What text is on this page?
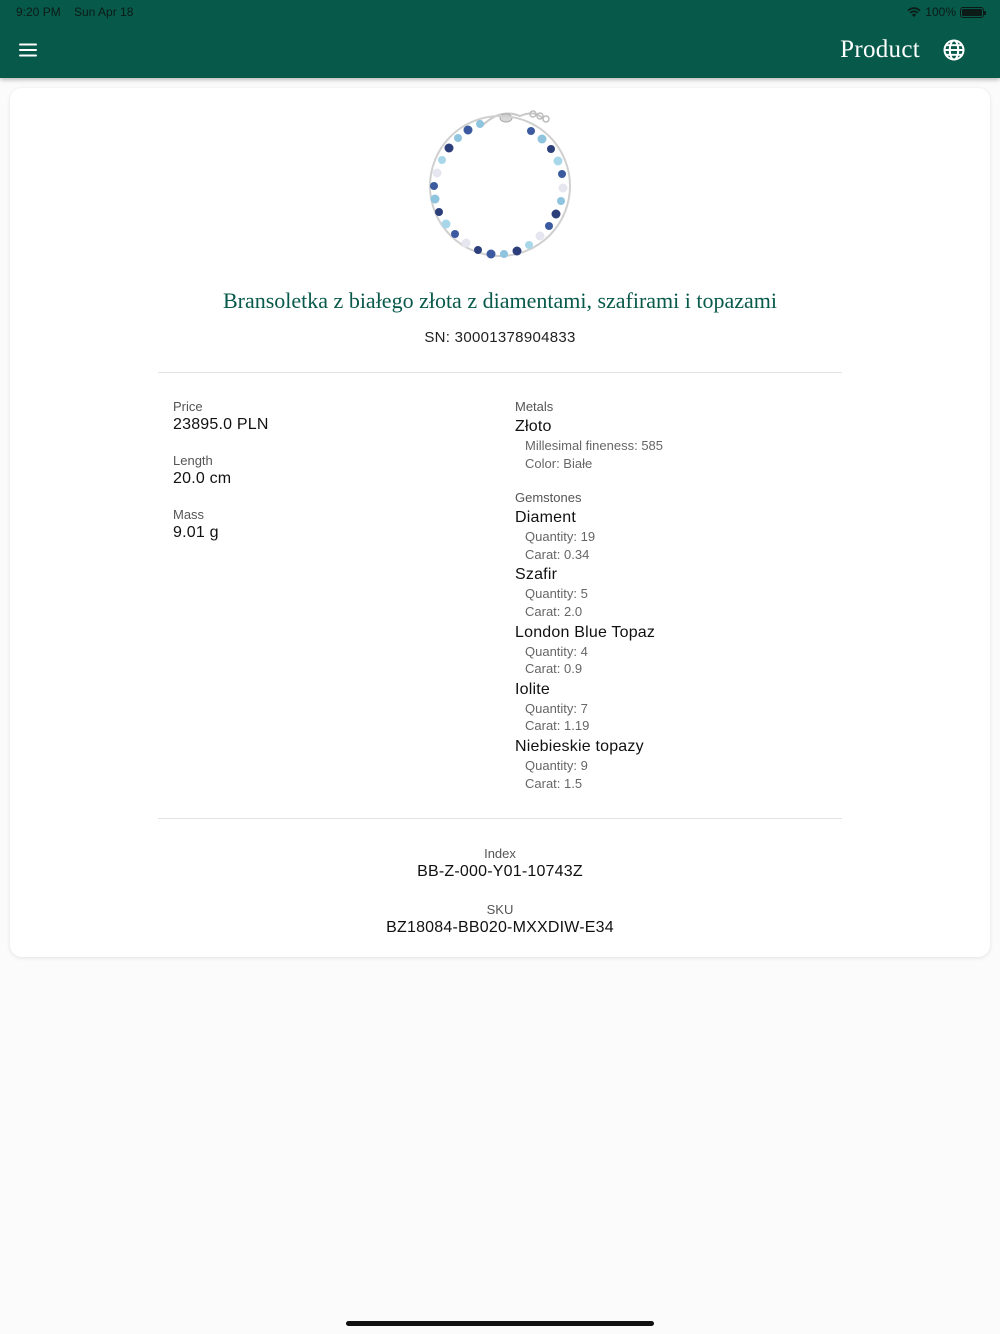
9:20 PM Sun Apr 18	100%
Product
Bransoletka z białego złota z diamentami, szafirami i topazami
SN: 30001378904833
Price
23895.0 PLN
Length
20.0 cm
Mass
9.01 g
Metals
Złoto
Millesimal fineness: 585
Color: Białe
Gemstones
Diament
Quantity: 19
Carat: 0.34
Szafir
Quantity: 5
Carat: 2.0
London Blue Topaz
Quantity: 4
Carat: 0.9
Iolite
Quantity: 7
Carat: 1.19
Niebieskie topazy
Quantity: 9
Carat: 1.5
Index
BB-Z-000-Y01-10743Z
SKU
BZ18084-BB020-MXXDIW-E34
